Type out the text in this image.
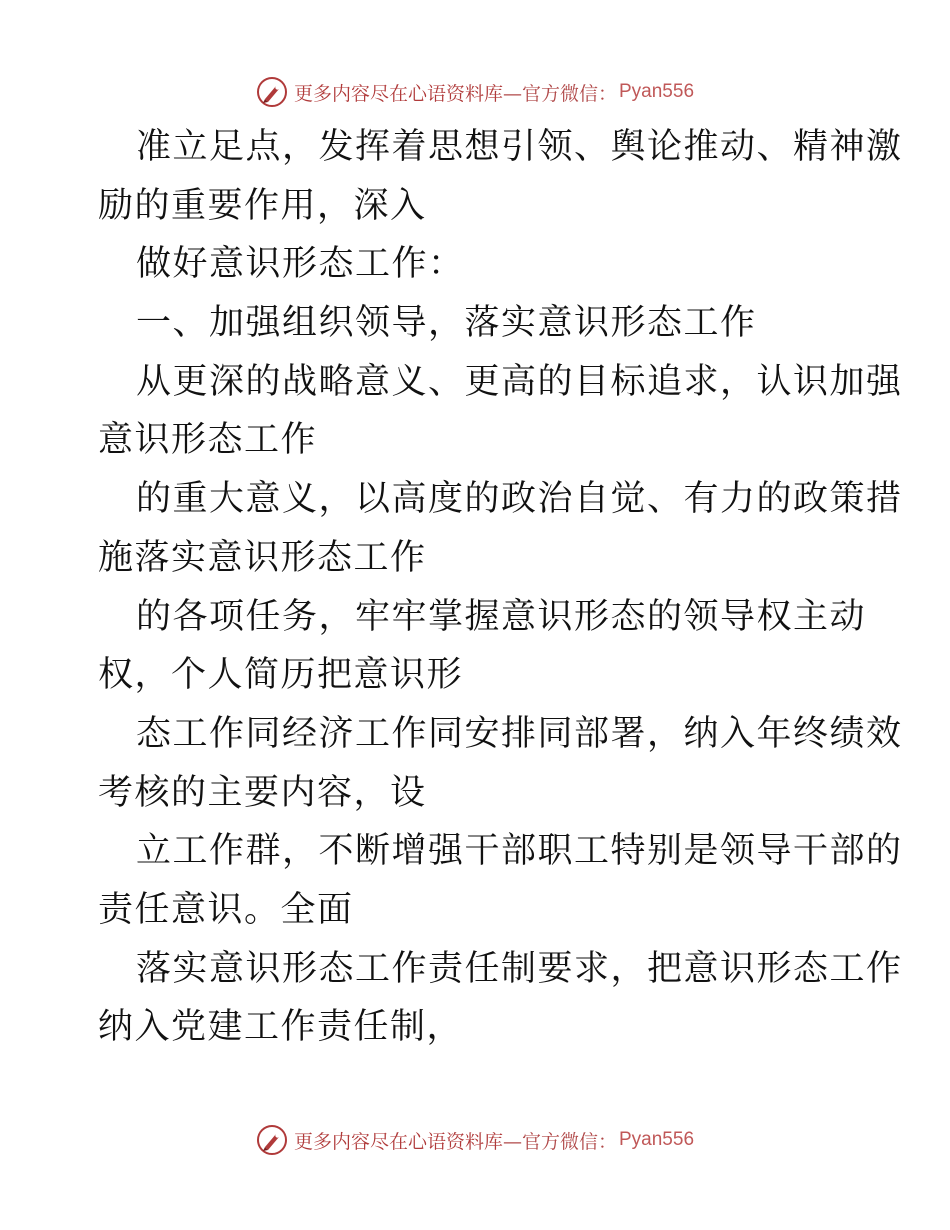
更多内容尽在心语资料库 —官方微信： Pyan556
准立足点，发挥着思想引领、舆论推动、精神激
励的重要作用，深入
做好意识形态工作：
一、加强组织领导，落实意识形态工作
从更深的战略意义、更高的目标追求，认识加强
意识形态工作
的重大意义，以高度的政治自觉、有力的政策措
施落实意识形态工作
的各项任务，牢牢掌握意识形态的领导权主动
权，个人简历把意识形
态工作同经济工作同安排同部署，纳入年终绩效
考核的主要内容，设
立工作群，不断增强干部职工特别是领导干部的
责任意识。全面
落实意识形态工作责任制要求，把意识形态工作
纳入党建工作责任制，
更多内容尽在心语资料库 —官方微信： Pyan556
